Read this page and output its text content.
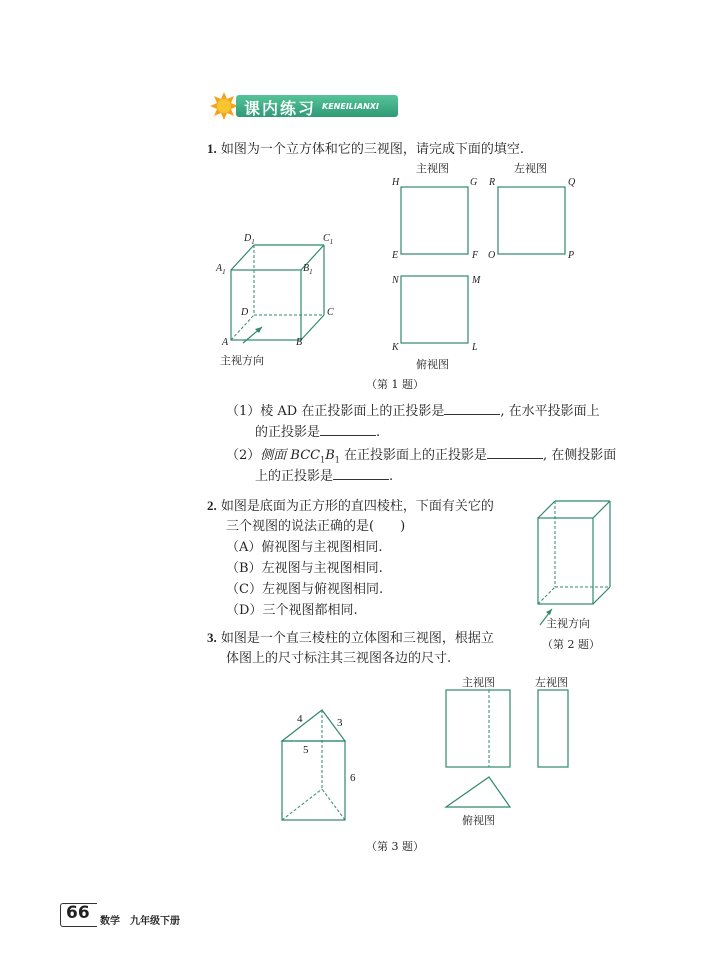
课内练习 KENEILIANXI
1. 如图为一个立方体和它的三视图，请完成下面的填空.
$D_1$	$C_1$
$A_1$	$B_1$
D	C
A	B
主视方向
主视图	左视图
H	G
E	F
R	Q
O	P
N	M
K	L
俯视图
（第 1 题）
（1）棱 AD 在正投影面上的正投影是	, 在水平投影面上
的正投影是	.
（2）侧面 $BCC_1B_1$ 在正投影面上的正投影是	, 在侧投影面
上的正投影是	.
2. 如图是底面为正方形的直四棱柱，下面有关它的
三个视图的说法正确的是(　　)
（A）俯视图与主视图相同.
（B）左视图与主视图相同.
（C）左视图与俯视图相同.
（D）三个视图都相同.
主视方向
（第 2 题）
3. 如图是一个直三棱柱的立体图和三视图，根据立
体图上的尺寸标注其三视图各边的尺寸.
4	3
5
6
主视图	左视图
俯视图
（第 3 题）
66 数学　九年级下册
